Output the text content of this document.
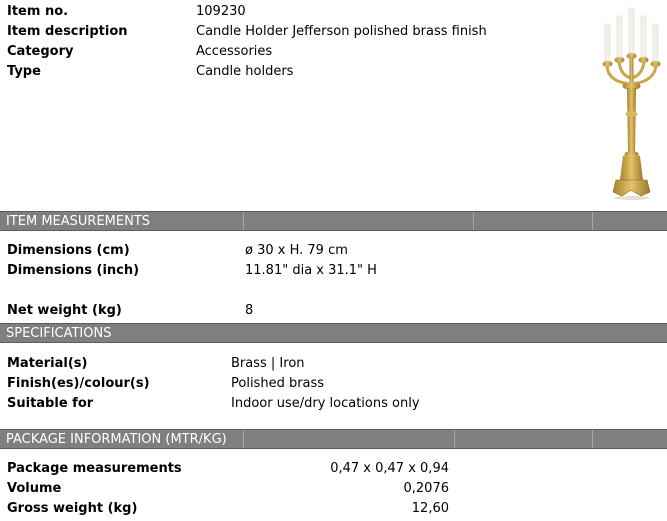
Item no.	109230
Item description	Candle Holder Jefferson polished brass finish
Category	Accessories
Type	Candle holders
ITEM MEASUREMENTS
Dimensions (cm)	ø 30 x H. 79 cm
Dimensions (inch)	11.81" dia x 31.1" H
Net weight (kg)	8
SPECIFICATIONS
Material(s)	Brass | Iron
Finish(es)/colour(s)	Polished brass
Suitable for	Indoor use/dry locations only
PACKAGE INFORMATION (MTR/KG)
Package measurements	0,47 x 0,47 x 0,94
Volume	0,2076
Gross weight (kg)	12,60
